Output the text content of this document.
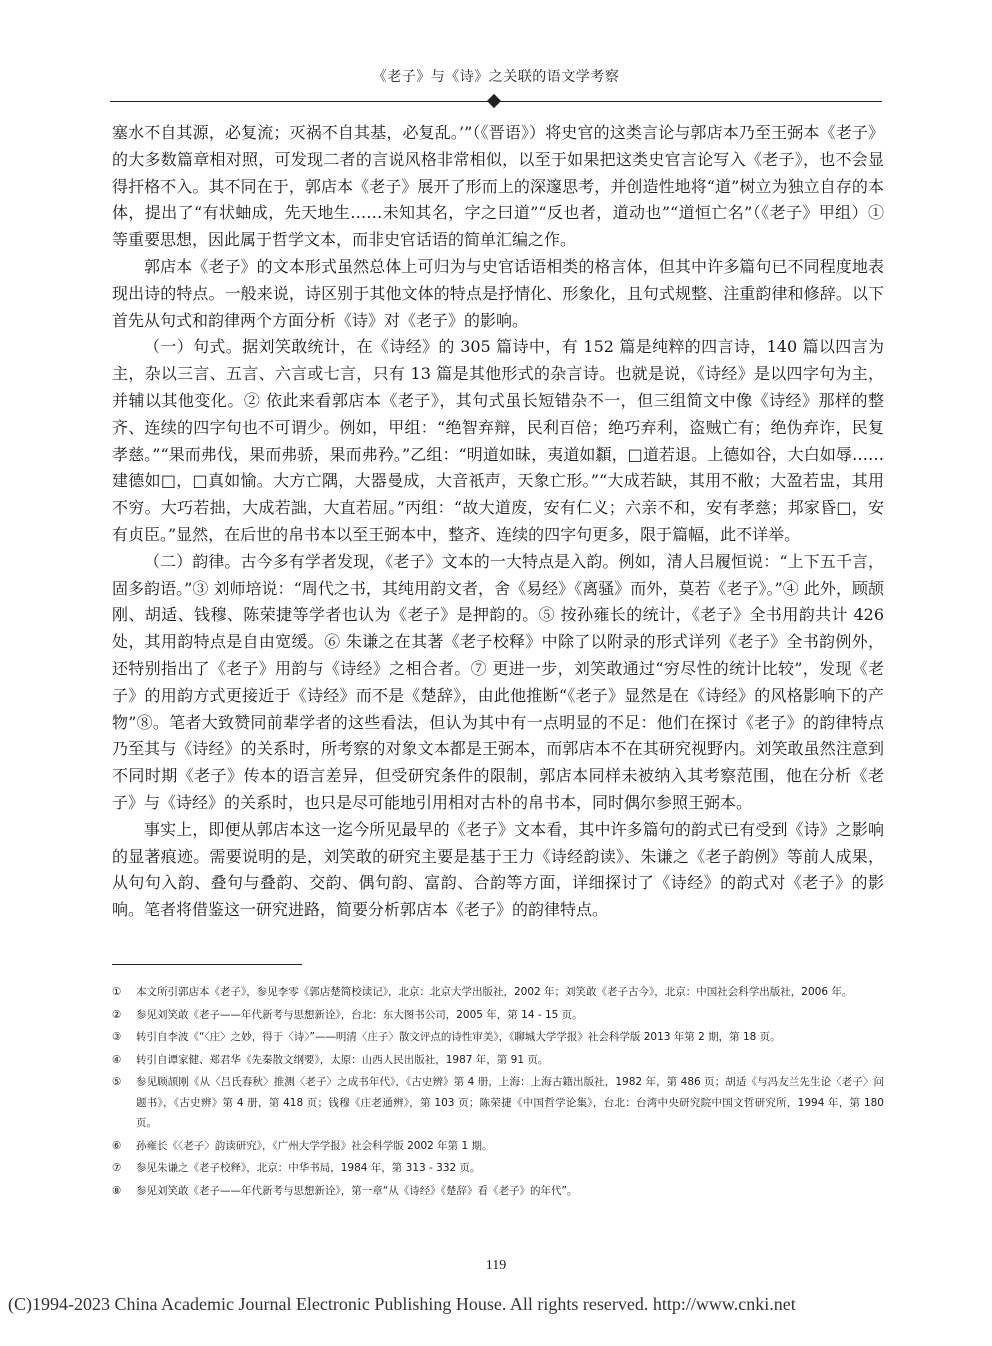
《老子》与《诗》之关联的语文学考察

塞水不自其源，必复流；灭祸不自其基，必复乱。’”（《晋语》）将史官的这类言论与郭店本乃至王弼本《老子》的大多数篇章相对照，可发现二者的言说风格非常相似，以至于如果把这类史官言论写入《老子》，也不会显得扞格不入。其不同在于，郭店本《老子》展开了形而上的深邃思考，并创造性地将“道”树立为独立自存的本体，提出了“有状蚰成，先天地生……未知其名，字之曰道”“反也者，道动也”“道恒亡名”（《老子》甲组）① 等重要思想，因此属于哲学文本，而非史官话语的简单汇编之作。

郭店本《老子》的文本形式虽然总体上可归为与史官话语相类的格言体，但其中许多篇句已不同程度地表现出诗的特点。一般来说，诗区别于其他文体的特点是抒情化、形象化，且句式规整、注重韵律和修辞。以下首先从句式和韵律两个方面分析《诗》对《老子》的影响。

（一）句式。据刘笑敢统计，在《诗经》的 305 篇诗中，有 152 篇是纯粹的四言诗，140 篇以四言为主，杂以三言、五言、六言或七言，只有 13 篇是其他形式的杂言诗。也就是说，《诗经》是以四字句为主，并辅以其他变化。② 依此来看郭店本《老子》，其句式虽长短错杂不一，但三组简文中像《诗经》那样的整齐、连续的四字句也不可谓少。例如，甲组：“绝智弃辩，民利百倍；绝巧弃利，盗贼亡有；绝伪弃诈，民复孝慈。”“果而弗伐，果而弗骄，果而弗矜。”乙组：“明道如昧，夷道如纇，□道若退。上德如谷，大白如辱……建德如□，□真如愉。大方亡隅，大器曼成，大音祇声，天象亡形。”“大成若缺，其用不敝；大盈若盅，其用不穷。大巧若拙，大成若詘，大直若屈。”丙组：“故大道废，安有仁义；六亲不和，安有孝慈；邦家昏□，安有贞臣。”显然，在后世的帛书本以至王弼本中，整齐、连续的四字句更多，限于篇幅，此不详举。

（二）韵律。古今多有学者发现，《老子》文本的一大特点是入韵。例如，清人吕履恒说：“上下五千言，固多韵语。”③ 刘师培说：“周代之书，其纯用韵文者，舍《易经》《离骚》而外，莫若《老子》。”④ 此外，顾颉刚、胡适、钱穆、陈荣捷等学者也认为《老子》是押韵的。⑤ 按孙雍长的统计，《老子》全书用韵共计 426 处，其用韵特点是自由宽缓。⑥ 朱谦之在其著《老子校释》中除了以附录的形式详列《老子》全书韵例外，还特别指出了《老子》用韵与《诗经》之相合者。⑦ 更进一步，刘笑敢通过“穷尽性的统计比较”，发现《老子》的用韵方式更接近于《诗经》而不是《楚辞》，由此他推断“《老子》显然是在《诗经》的风格影响下的产物”⑧。笔者大致赞同前辈学者的这些看法，但认为其中有一点明显的不足：他们在探讨《老子》的韵律特点乃至其与《诗经》的关系时，所考察的对象文本都是王弼本，而郭店本不在其研究视野内。刘笑敢虽然注意到不同时期《老子》传本的语言差异，但受研究条件的限制，郭店本同样未被纳入其考察范围，他在分析《老子》与《诗经》的关系时，也只是尽可能地引用相对古朴的帛书本，同时偶尔参照王弼本。

事实上，即便从郭店本这一迄今所见最早的《老子》文本看，其中许多篇句的韵式已有受到《诗》之影响的显著痕迹。需要说明的是，刘笑敢的研究主要是基于王力《诗经韵读》、朱谦之《老子韵例》等前人成果，从句句入韵、叠句与叠韵、交韵、偶句韵、富韵、合韵等方面，详细探讨了《诗经》的韵式对《老子》的影响。笔者将借鉴这一研究进路，简要分析郭店本《老子》的韵律特点。

①	本文所引郭店本《老子》，参见李零《郭店楚简校读记》，北京：北京大学出版社，2002 年；刘笑敢《老子古今》，北京：中国社会科学出版社，2006 年。
②	参见刘笑敢《老子——年代新考与思想新诠》，台北：东大图书公司，2005 年，第 14 - 15 页。
③	转引自李波《“〈庄〉之妙，得于〈诗〉”——明清〈庄子〉散文评点的诗性审美》，《聊城大学学报》社会科学版 2013 年第 2 期，第 18 页。
④	转引自谭家健、郑君华《先秦散文纲要》，太原：山西人民出版社，1987 年，第 91 页。
⑤	参见顾颉刚《从〈吕氏春秋〉推测〈老子〉之成书年代》，《古史辨》第 4 册，上海：上海古籍出版社，1982 年，第 486 页；胡适《与冯友兰先生论〈老子〉问题书》，《古史辨》第 4 册，第 418 页；钱穆《庄老通辨》，第 103 页；陈荣捷《中国哲学论集》，台北：台湾中央研究院中国文哲研究所，1994 年，第 180 页。
⑥	孙雍长《〈老子〉韵读研究》，《广州大学学报》社会科学版 2002 年第 1 期。
⑦	参见朱谦之《老子校释》，北京：中华书局，1984 年，第 313 - 332 页。
⑧	参见刘笑敢《老子——年代新考与思想新诠》，第一章“从《诗经》《楚辞》看《老子》的年代”。
119
(C)1994-2023 China Academic Journal Electronic Publishing House. All rights reserved. http://www.cnki.net
